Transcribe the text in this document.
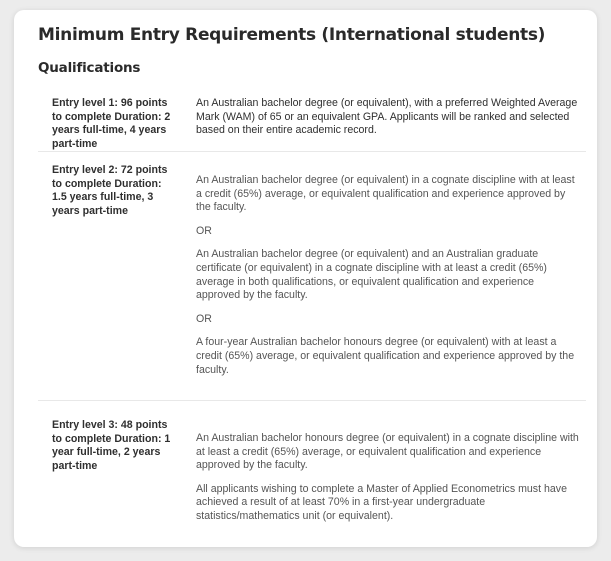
Minimum Entry Requirements (International students)
Qualifications
Entry level 1: 96 points to complete Duration: 2 years full-time, 4 years part-time

An Australian bachelor degree (or equivalent), with a preferred Weighted Average Mark (WAM) of 65 or an equivalent GPA. Applicants will be ranked and selected based on their entire academic record.

Entry level 2: 72 points to complete Duration: 1.5 years full-time, 3 years part-time

An Australian bachelor degree (or equivalent) in a cognate discipline with at least a credit (65%) average, or equivalent qualification and experience approved by the faculty.

OR

An Australian bachelor degree (or equivalent) and an Australian graduate certificate (or equivalent) in a cognate discipline with at least a credit (65%) average in both qualifications, or equivalent qualification and experience approved by the faculty.

OR

A four-year Australian bachelor honours degree (or equivalent) with at least a credit (65%) average, or equivalent qualification and experience approved by the faculty.

Entry level 3: 48 points to complete Duration: 1 year full-time, 2 years part-time

An Australian bachelor honours degree (or equivalent) in a cognate discipline with at least a credit (65%) average, or equivalent qualification and experience approved by the faculty.

All applicants wishing to complete a Master of Applied Econometrics must have achieved a result of at least 70% in a first-year undergraduate statistics/mathematics unit (or equivalent).
